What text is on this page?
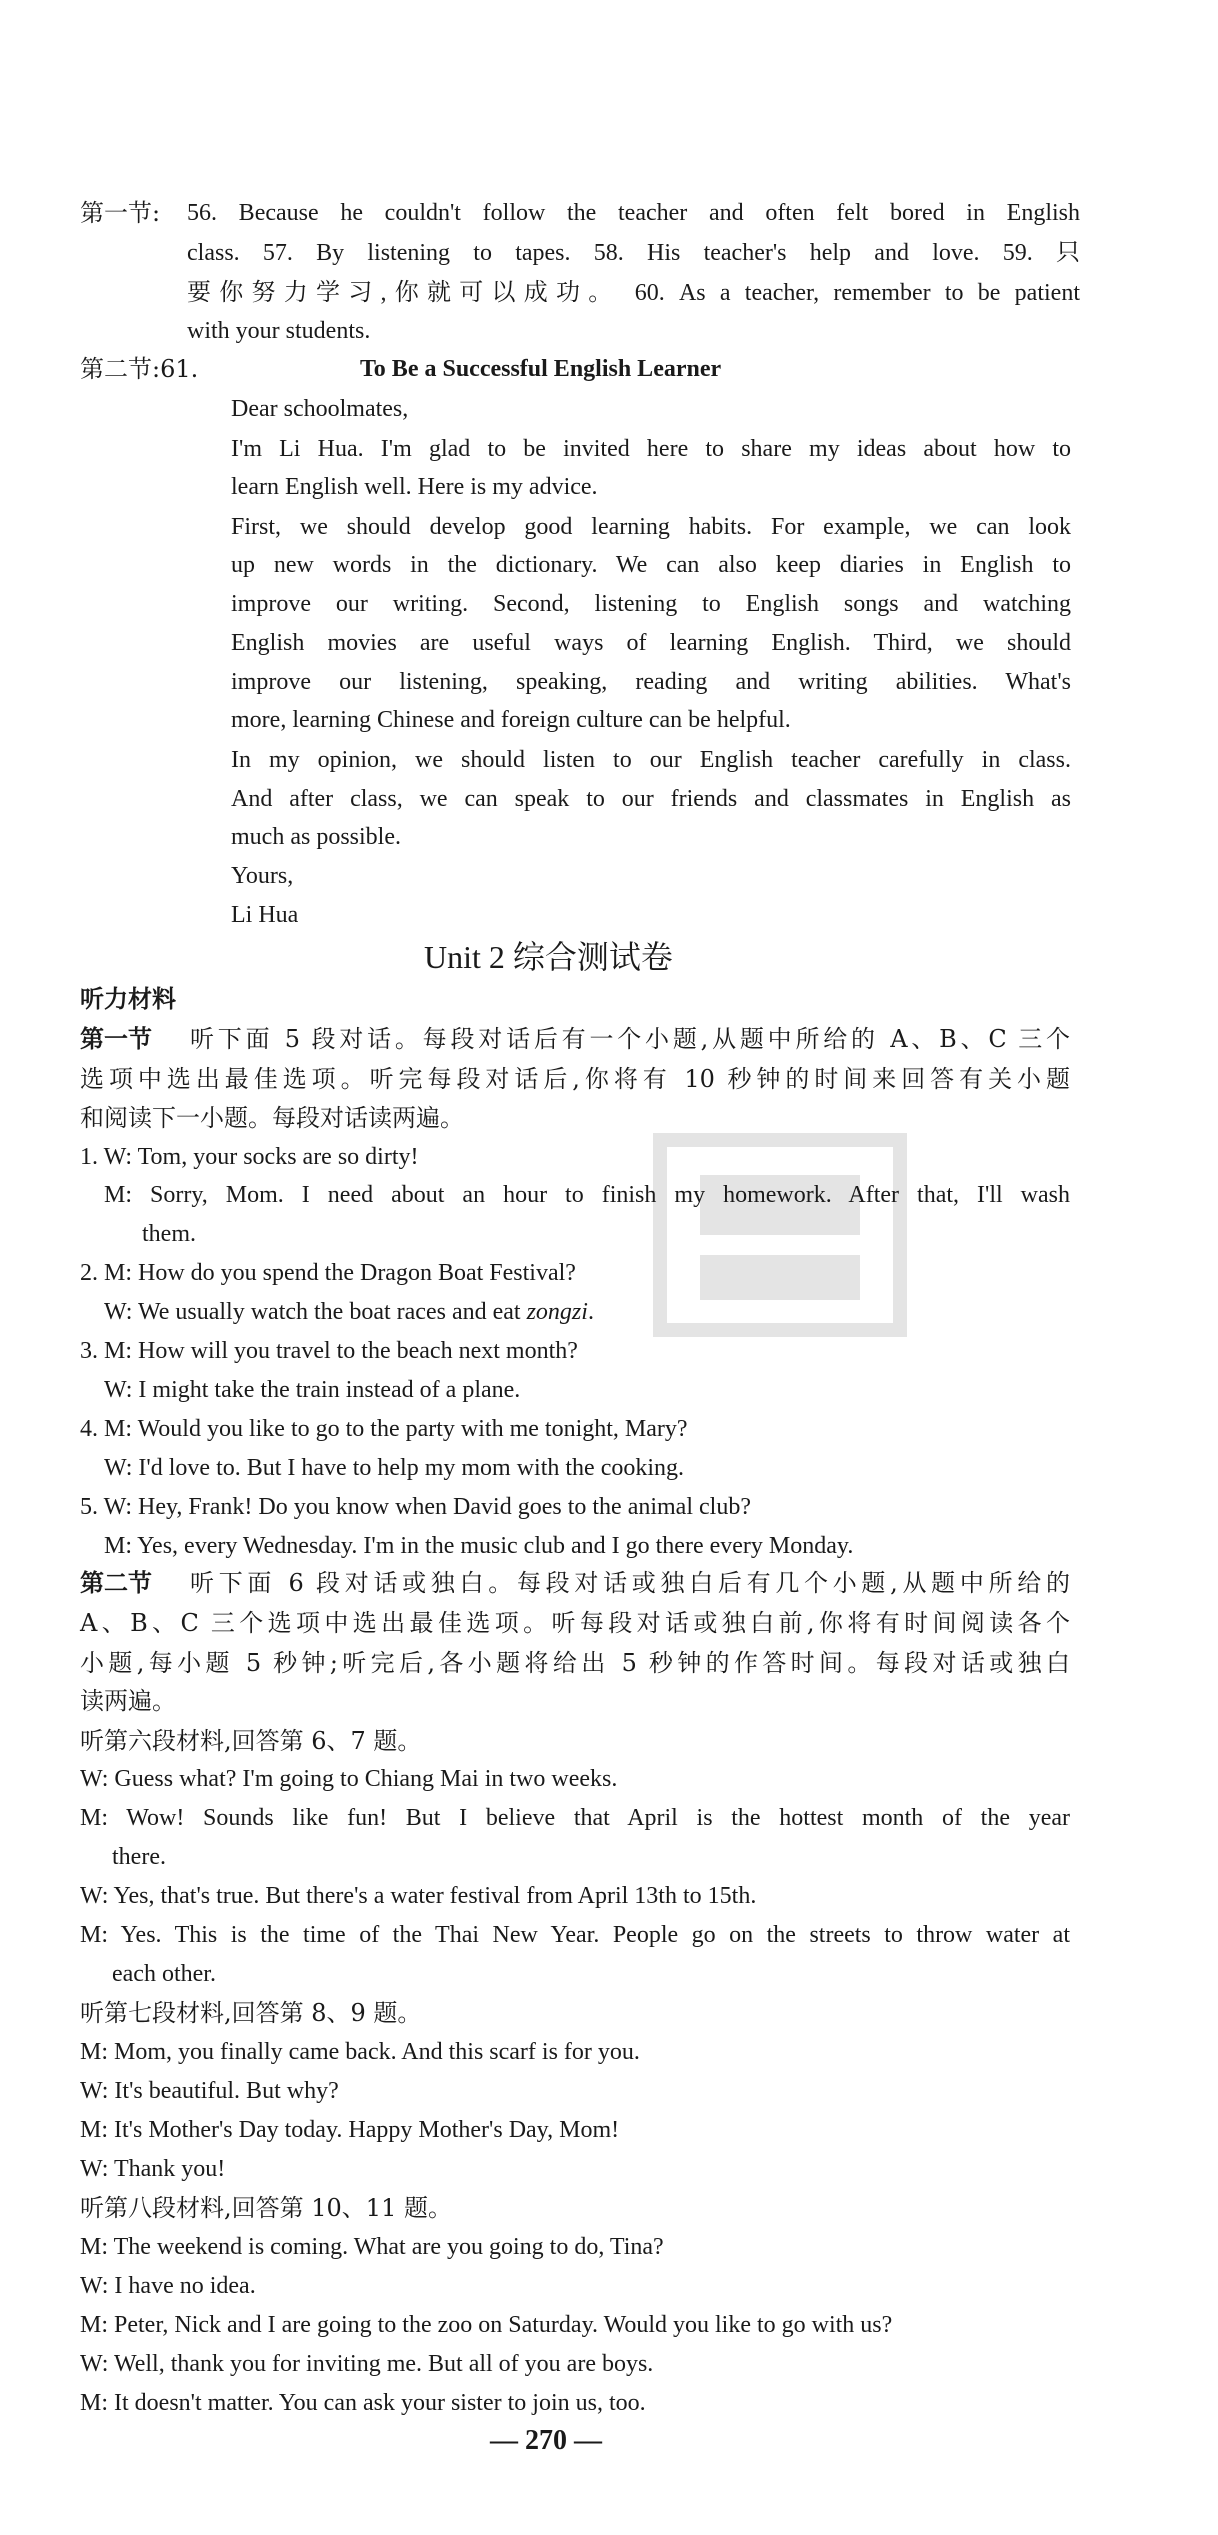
第一节: 56. Because he couldn't follow the teacher and often felt bored in English
class. 57. By listening to tapes. 58. His teacher's help and love. 59. 只
要你努力学习,你就可以成功。 60. As a teacher, remember to be patient
with your students.
第二节:61.	To Be a Successful English Learner
Dear schoolmates,
I'm Li Hua. I'm glad to be invited here to share my ideas about how to
learn English well. Here is my advice.
First, we should develop good learning habits. For example, we can look
up new words in the dictionary. We can also keep diaries in English to
improve our writing. Second, listening to English songs and watching
English movies are useful ways of learning English. Third, we should
improve our listening, speaking, reading and writing abilities. What's
more, learning Chinese and foreign culture can be helpful.
In my opinion, we should listen to our English teacher carefully in class.
And after class, we can speak to our friends and classmates in English as
much as possible.
Yours,
Li Hua
Unit 2 综合测试卷
听力材料
第一节 听下面 5 段对话。每段对话后有一个小题,从题中所给的 A、B、C 三个
选项中选出最佳选项。听完每段对话后,你将有 10 秒钟的时间来回答有关小题
和阅读下一小题。每段对话读两遍。
1. W: Tom, your socks are so dirty!
M: Sorry, Mom. I need about an hour to finish my homework. After that, I'll wash
them.
2. M: How do you spend the Dragon Boat Festival?
W: We usually watch the boat races and eat zongzi.
3. M: How will you travel to the beach next month?
W: I might take the train instead of a plane.
4. M: Would you like to go to the party with me tonight, Mary?
W: I'd love to. But I have to help my mom with the cooking.
5. W: Hey, Frank! Do you know when David goes to the animal club?
M: Yes, every Wednesday. I'm in the music club and I go there every Monday.
第二节 听下面 6 段对话或独白。每段对话或独白后有几个小题,从题中所给的
A、B、C 三个选项中选出最佳选项。听每段对话或独白前,你将有时间阅读各个
小题,每小题 5 秒钟;听完后,各小题将给出 5 秒钟的作答时间。每段对话或独白
读两遍。
听第六段材料,回答第 6、7 题。
W: Guess what? I'm going to Chiang Mai in two weeks.
M: Wow! Sounds like fun! But I believe that April is the hottest month of the year
there.
W: Yes, that's true. But there's a water festival from April 13th to 15th.
M: Yes. This is the time of the Thai New Year. People go on the streets to throw water at
each other.
听第七段材料,回答第 8、9 题。
M: Mom, you finally came back. And this scarf is for you.
W: It's beautiful. But why?
M: It's Mother's Day today. Happy Mother's Day, Mom!
W: Thank you!
听第八段材料,回答第 10、11 题。
M: The weekend is coming. What are you going to do, Tina?
W: I have no idea.
M: Peter, Nick and I are going to the zoo on Saturday. Would you like to go with us?
W: Well, thank you for inviting me. But all of you are boys.
M: It doesn't matter. You can ask your sister to join us, too.
— 270 —
